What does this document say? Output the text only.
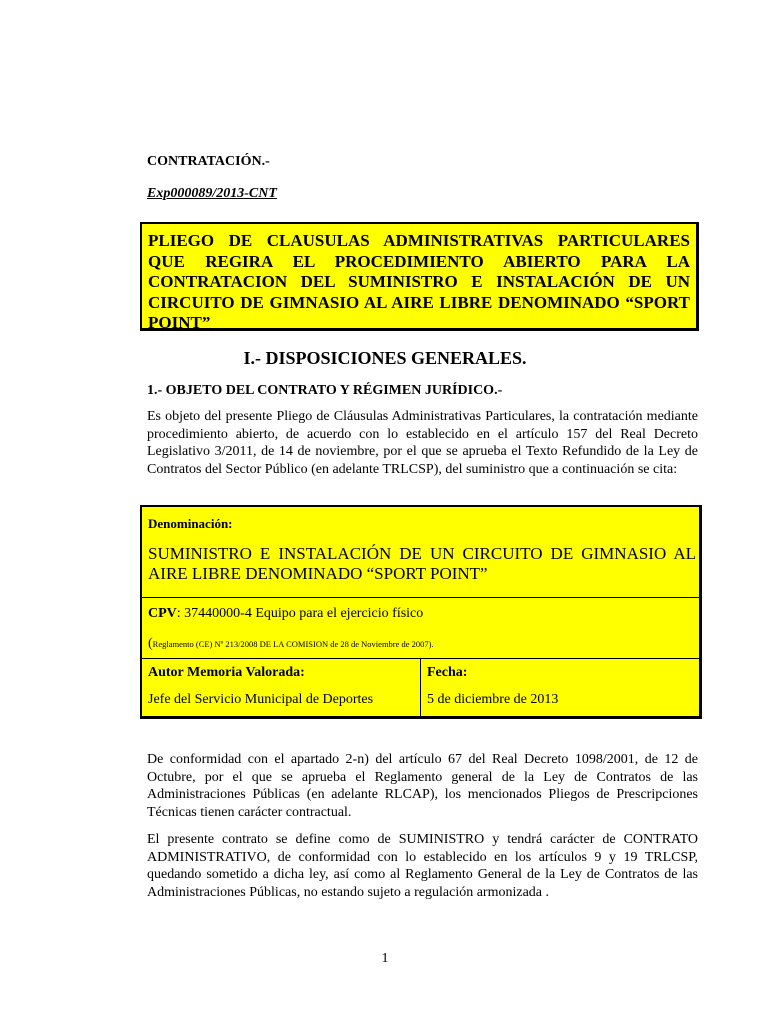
CONTRATACIÓN.-
Exp000089/2013-CNT
PLIEGO DE CLAUSULAS ADMINISTRATIVAS PARTICULARES QUE REGIRA EL PROCEDIMIENTO ABIERTO PARA LA CONTRATACION DEL SUMINISTRO E INSTALACIÓN DE UN CIRCUITO DE GIMNASIO AL AIRE LIBRE DENOMINADO “SPORT POINT”
I.- DISPOSICIONES GENERALES.
1.- OBJETO DEL CONTRATO Y RÉGIMEN JURÍDICO.-
Es objeto del presente Pliego de Cláusulas Administrativas Particulares, la contratación mediante procedimiento abierto, de acuerdo con lo establecido en el artículo 157 del Real Decreto Legislativo 3/2011, de 14 de noviembre, por el que se aprueba el Texto Refundido de la Ley de Contratos del Sector Público (en adelante TRLCSP), del suministro que a continuación se cita:
Denominación:
SUMINISTRO E INSTALACIÓN DE UN CIRCUITO DE GIMNASIO AL AIRE LIBRE DENOMINADO “SPORT POINT”
CPV: 37440000-4 Equipo para el ejercicio físico
(Reglamento (CE) Nº 213/2008 DE LA COMISION de 28 de Noviembre de 2007).
Autor Memoria Valorada:	Fecha:
Jefe del Servicio Municipal de Deportes	5 de diciembre de 2013
De conformidad con el apartado 2-n) del artículo 67 del Real Decreto 1098/2001, de 12 de Octubre, por el que se aprueba el Reglamento general de la Ley de Contratos de las Administraciones Públicas (en adelante RLCAP), los mencionados Pliegos de Prescripciones Técnicas tienen carácter contractual.
El presente contrato se define como de SUMINISTRO y tendrá carácter de CONTRATO ADMINISTRATIVO, de conformidad con lo establecido en los artículos 9 y 19 TRLCSP, quedando sometido a dicha ley, así como al Reglamento General de la Ley de Contratos de las Administraciones Públicas, no estando sujeto a regulación armonizada .
1
